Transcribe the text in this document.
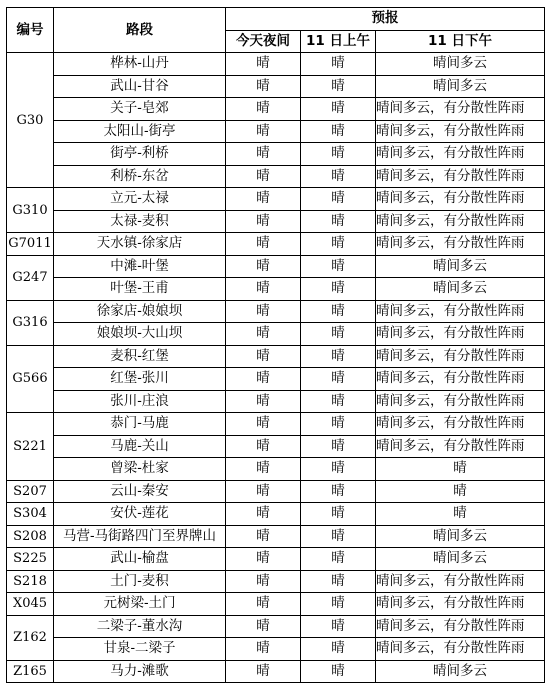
编号	路段	预报		
		今天夜间	11 日上午	11 日下午
G30	桦林-山丹	晴	晴	晴间多云
	武山-甘谷	晴	晴	晴间多云
	关子-皂郊	晴	晴	晴间多云，有分散性阵雨
	太阳山-街亭	晴	晴	晴间多云，有分散性阵雨
	街亭-利桥	晴	晴	晴间多云，有分散性阵雨
	利桥-东岔	晴	晴	晴间多云，有分散性阵雨
G310	立元-太禄	晴	晴	晴间多云，有分散性阵雨
	太禄-麦积	晴	晴	晴间多云，有分散性阵雨
G7011	天水镇-徐家店	晴	晴	晴间多云，有分散性阵雨
G247	中滩-叶堡	晴	晴	晴间多云
	叶堡-王甫	晴	晴	晴间多云
G316	徐家店-娘娘坝	晴	晴	晴间多云，有分散性阵雨
	娘娘坝-大山坝	晴	晴	晴间多云，有分散性阵雨
G566	麦积-红堡	晴	晴	晴间多云，有分散性阵雨
	红堡-张川	晴	晴	晴间多云，有分散性阵雨
	张川-庄浪	晴	晴	晴间多云，有分散性阵雨
S221	恭门-马鹿	晴	晴	晴间多云，有分散性阵雨
	马鹿-关山	晴	晴	晴间多云，有分散性阵雨
	曾梁-杜家	晴	晴	晴
S207	云山-秦安	晴	晴	晴
S304	安伏-莲花	晴	晴	晴
S208	马营-马街路四门至界牌山	晴	晴	晴间多云
S225	武山-榆盘	晴	晴	晴间多云
S218	土门-麦积	晴	晴	晴间多云，有分散性阵雨
X045	元树梁-土门	晴	晴	晴间多云，有分散性阵雨
Z162	二梁子-董水沟	晴	晴	晴间多云，有分散性阵雨
	甘泉-二梁子	晴	晴	晴间多云，有分散性阵雨
Z165	马力-滩歌	晴	晴	晴间多云
